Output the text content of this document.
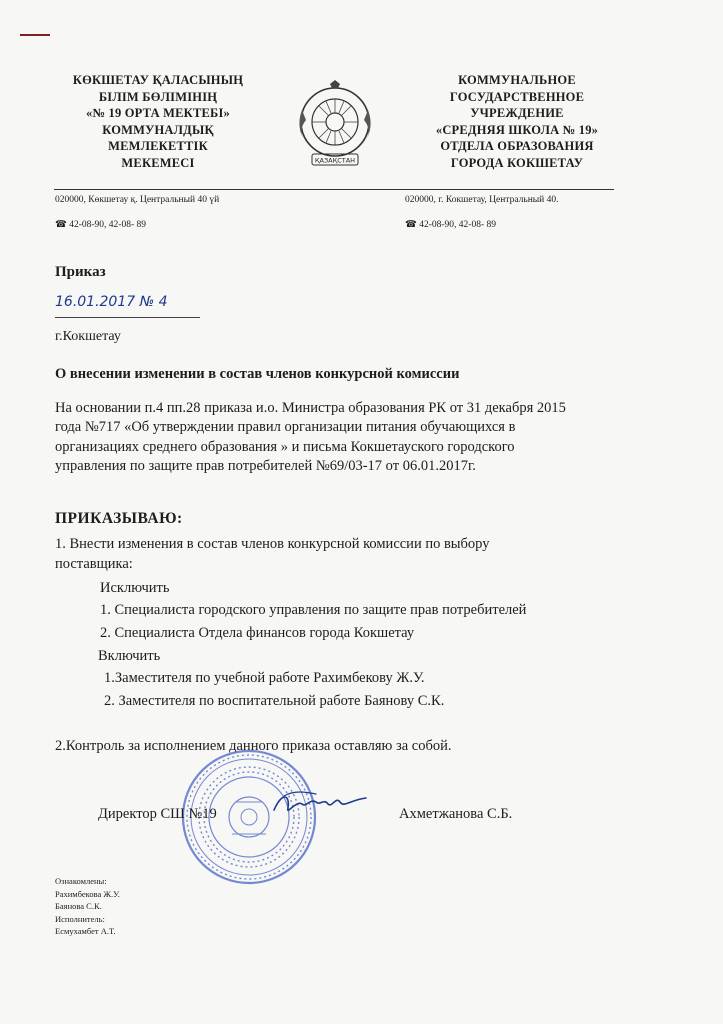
КӨКШЕТАУ ҚАЛАСЫНЫҢ
БІЛІМ БӨЛІМІНІҢ
«№ 19 ОРТА МЕКТЕБІ»
КОММУНАЛДЫҚ
МЕМЛЕКЕТТІК
МЕКЕМЕСІ	ҚАЗАҚСТАН
КОММУНАЛЬНОЕ
ГОСУДАРСТВЕННОЕ
УЧРЕЖДЕНИЕ
«СРЕДНЯЯ ШКОЛА № 19»
ОТДЕЛА ОБРАЗОВАНИЯ
ГОРОДА КОКШЕТАУ
020000, Көкшетау қ. Центральный 40 үй	020000, г. Кокшетау, Центральный 40.
☎ 42-08-90, 42-08- 89	☎ 42-08-90, 42-08- 89
Приказ
16.01.2017 № 4
г.Кокшетау
О внесении изменении в состав членов конкурсной комиссии
На основании п.4 пп.28 приказа и.о. Министра образования РК от 31 декабря 2015
года №717 «Об утверждении правил организации питания обучающихся в
организациях среднего образования » и письма Кокшетауского городского
управления по защите прав потребителей №69/03-17 от 06.01.2017г.
ПРИКАЗЫВАЮ:
1. Внести изменения в состав членов конкурсной комиссии по выбору
поставщика:
Исключить
1. Специалиста городского управления по защите прав потребителей
2. Специалиста Отдела финансов города Кокшетау
Включить
1.Заместителя по учебной работе Рахимбекову Ж.У.
2. Заместителя по воспитательной работе Баянову С.К.
2.Контроль за исполнением данного приказа оставляю за собой.
Директор СШ №19	Ахметжанова С.Б.
Ознакомлены:
Рахимбекова Ж.У.
Баянова С.К.
Исполнитель:
Есмухамбет А.Т.
